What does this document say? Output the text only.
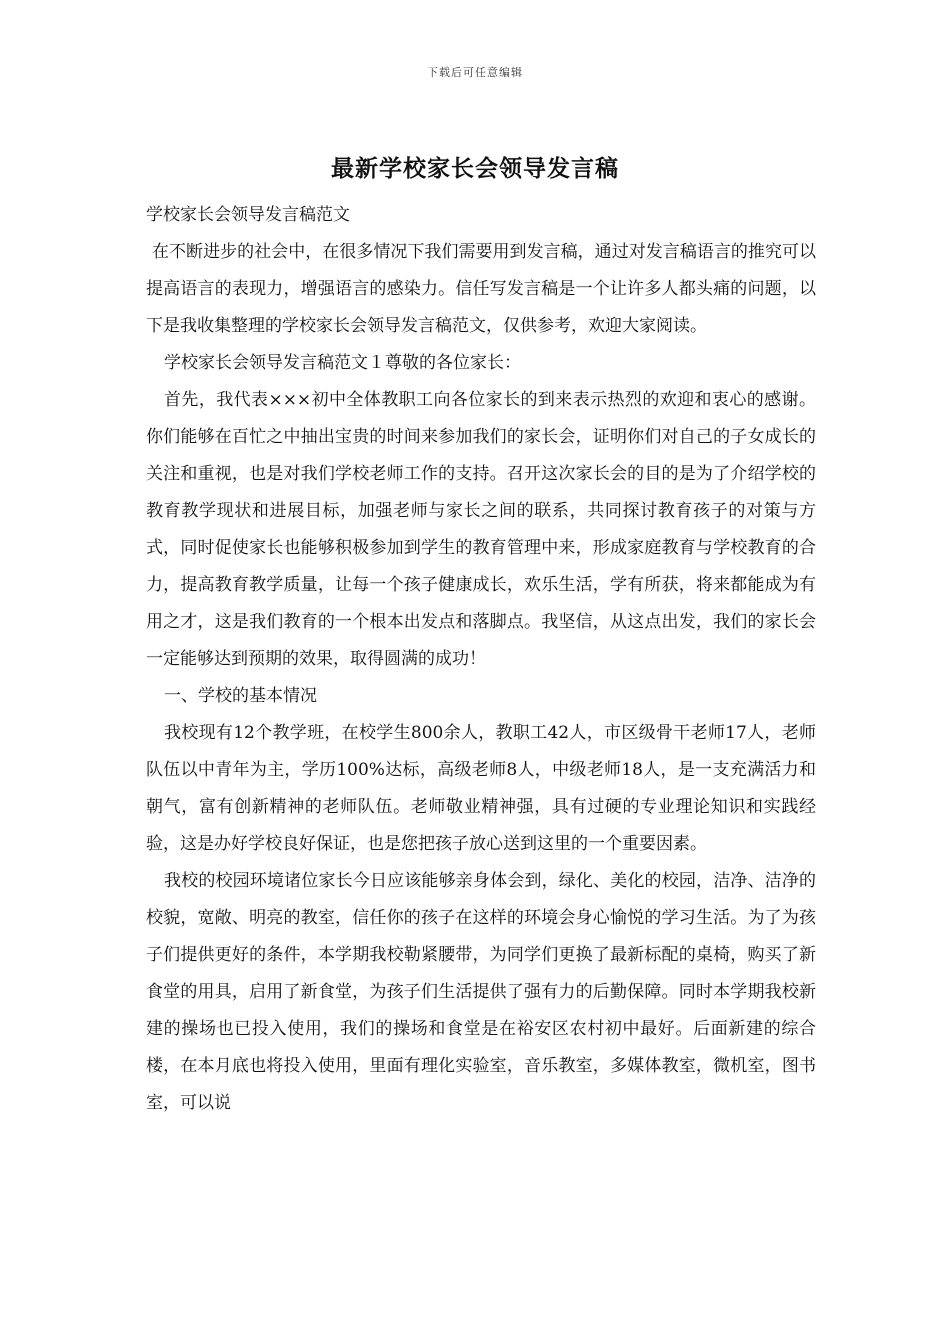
下载后可任意编辑
最新学校家长会领导发言稿

学校家长会领导发言稿范文

在不断进步的社会中，在很多情况下我们需要用到发言稿，通过对发言稿语言的推究可以提高语言的表现力，增强语言的感染力。信任写发言稿是一个让许多人都头痛的问题，以下是我收集整理的学校家长会领导发言稿范文，仅供参考，欢迎大家阅读。

学校家长会领导发言稿范文１尊敬的各位家长：

首先，我代表×××初中全体教职工向各位家长的到来表示热烈的欢迎和衷心的感谢。你们能够在百忙之中抽出宝贵的时间来参加我们的家长会，证明你们对自己的子女成长的关注和重视，也是对我们学校老师工作的支持。召开这次家长会的目的是为了介绍学校的教育教学现状和进展目标，加强老师与家长之间的联系，共同探讨教育孩子的对策与方式，同时促使家长也能够积极参加到学生的教育管理中来，形成家庭教育与学校教育的合力，提高教育教学质量，让每一个孩子健康成长，欢乐生活，学有所获，将来都能成为有用之才，这是我们教育的一个根本出发点和落脚点。我坚信，从这点出发，我们的家长会一定能够达到预期的效果，取得圆满的成功！

一、学校的基本情况

我校现有12个教学班，在校学生800余人，教职工42人，市区级骨干老师17人，老师队伍以中青年为主，学历100%达标，高级老师8人，中级老师18人，是一支充满活力和朝气，富有创新精神的老师队伍。老师敬业精神强，具有过硬的专业理论知识和实践经验，这是办好学校良好保证，也是您把孩子放心送到这里的一个重要因素。

我校的校园环境诸位家长今日应该能够亲身体会到，绿化、美化的校园，洁净、洁净的校貌，宽敞、明亮的教室，信任你的孩子在这样的环境会身心愉悦的学习生活。为了为孩子们提供更好的条件，本学期我校勒紧腰带，为同学们更换了最新标配的桌椅，购买了新食堂的用具，启用了新食堂，为孩子们生活提供了强有力的后勤保障。同时本学期我校新建的操场也已投入使用，我们的操场和食堂是在裕安区农村初中最好。后面新建的综合楼，在本月底也将投入使用，里面有理化实验室，音乐教室，多媒体教室，微机室，图书室，可以说
